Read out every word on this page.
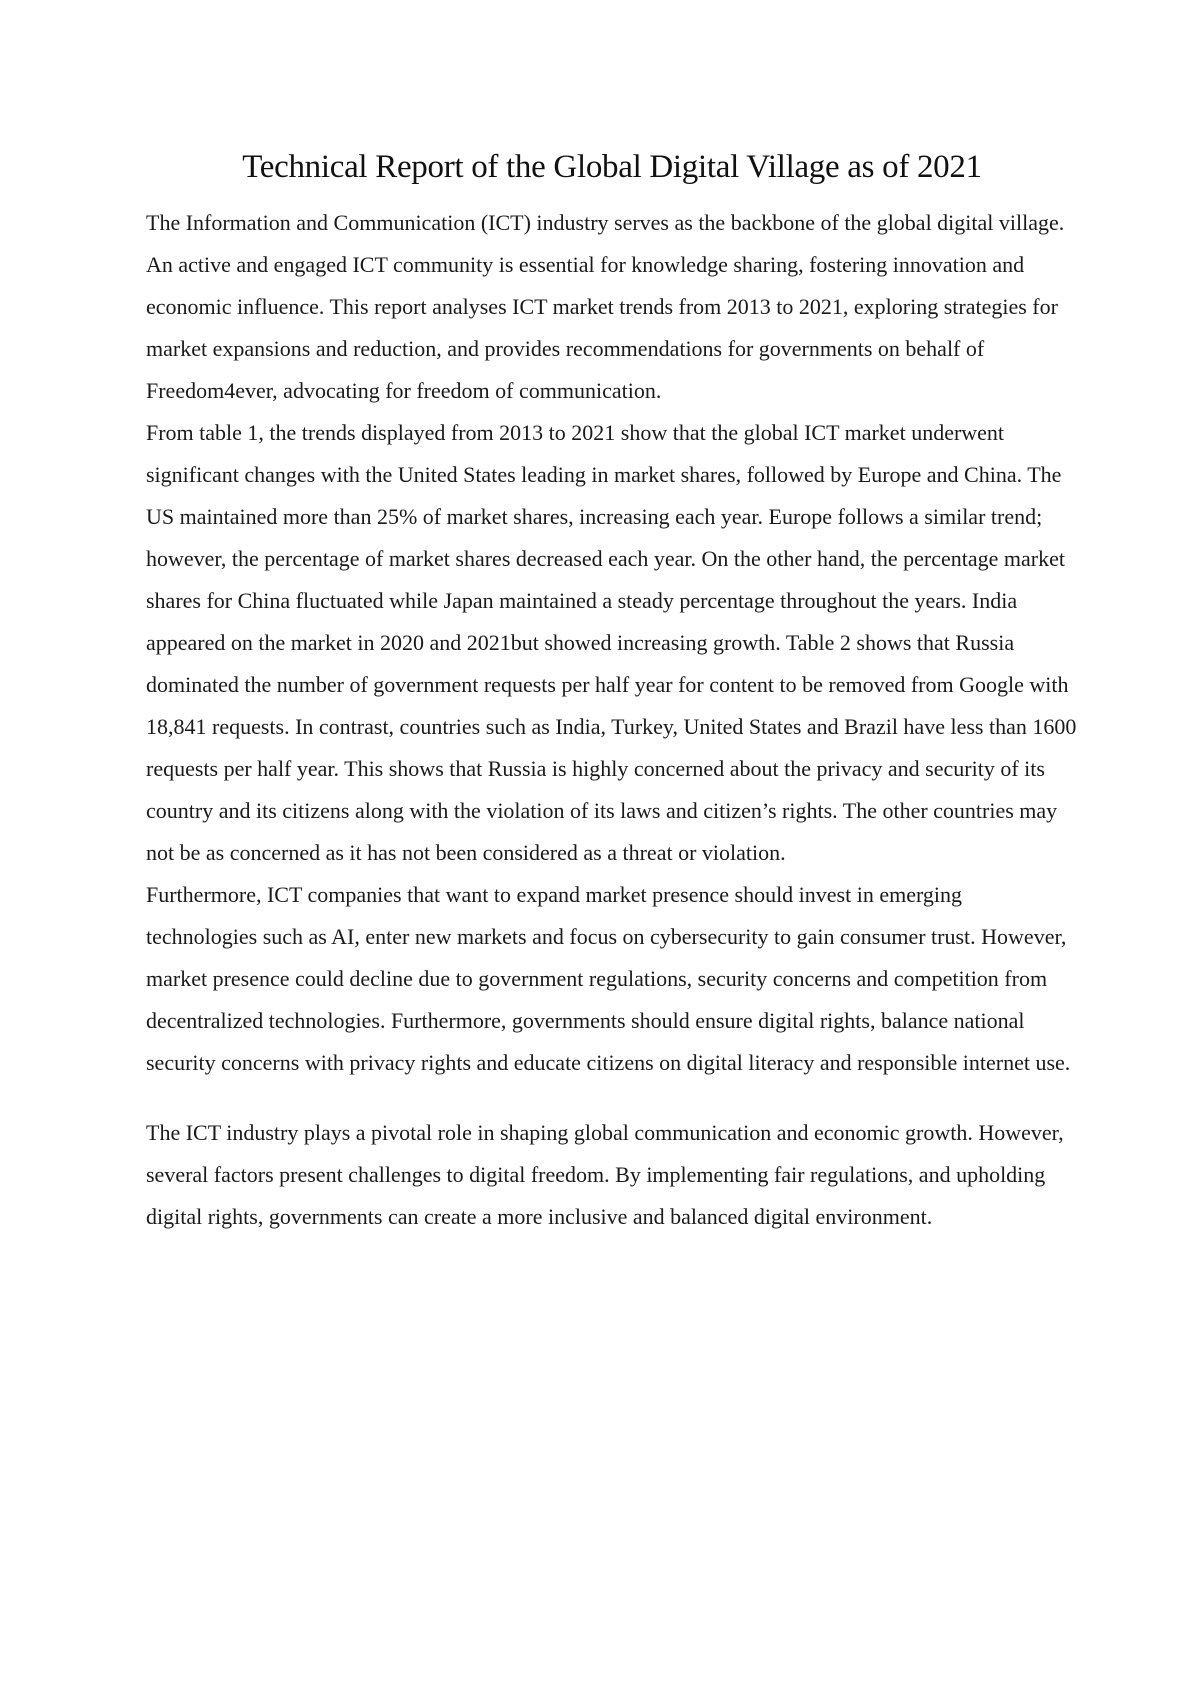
Technical Report of the Global Digital Village as of 2021

The Information and Communication (ICT) industry serves as the backbone of the global digital village. An active and engaged ICT community is essential for knowledge sharing, fostering innovation and economic influence. This report analyses ICT market trends from 2013 to 2021, exploring strategies for market expansions and reduction, and provides recommendations for governments on behalf of Freedom4ever, advocating for freedom of communication.

From table 1, the trends displayed from 2013 to 2021 show that the global ICT market underwent significant changes with the United States leading in market shares, followed by Europe and China. The US maintained more than 25% of market shares, increasing each year. Europe follows a similar trend; however, the percentage of market shares decreased each year. On the other hand, the percentage market shares for China fluctuated while Japan maintained a steady percentage throughout the years. India appeared on the market in 2020 and 2021but showed increasing growth. Table 2 shows that Russia dominated the number of government requests per half year for content to be removed from Google with 18,841 requests. In contrast, countries such as India, Turkey, United States and Brazil have less than 1600 requests per half year. This shows that Russia is highly concerned about the privacy and security of its country and its citizens along with the violation of its laws and citizen’s rights. The other countries may not be as concerned as it has not been considered as a threat or violation.

Furthermore, ICT companies that want to expand market presence should invest in emerging technologies such as AI, enter new markets and focus on cybersecurity to gain consumer trust. However, market presence could decline due to government regulations, security concerns and competition from decentralized technologies. Furthermore, governments should ensure digital rights, balance national security concerns with privacy rights and educate citizens on digital literacy and responsible internet use.

The ICT industry plays a pivotal role in shaping global communication and economic growth. However, several factors present challenges to digital freedom. By implementing fair regulations, and upholding digital rights, governments can create a more inclusive and balanced digital environment.
